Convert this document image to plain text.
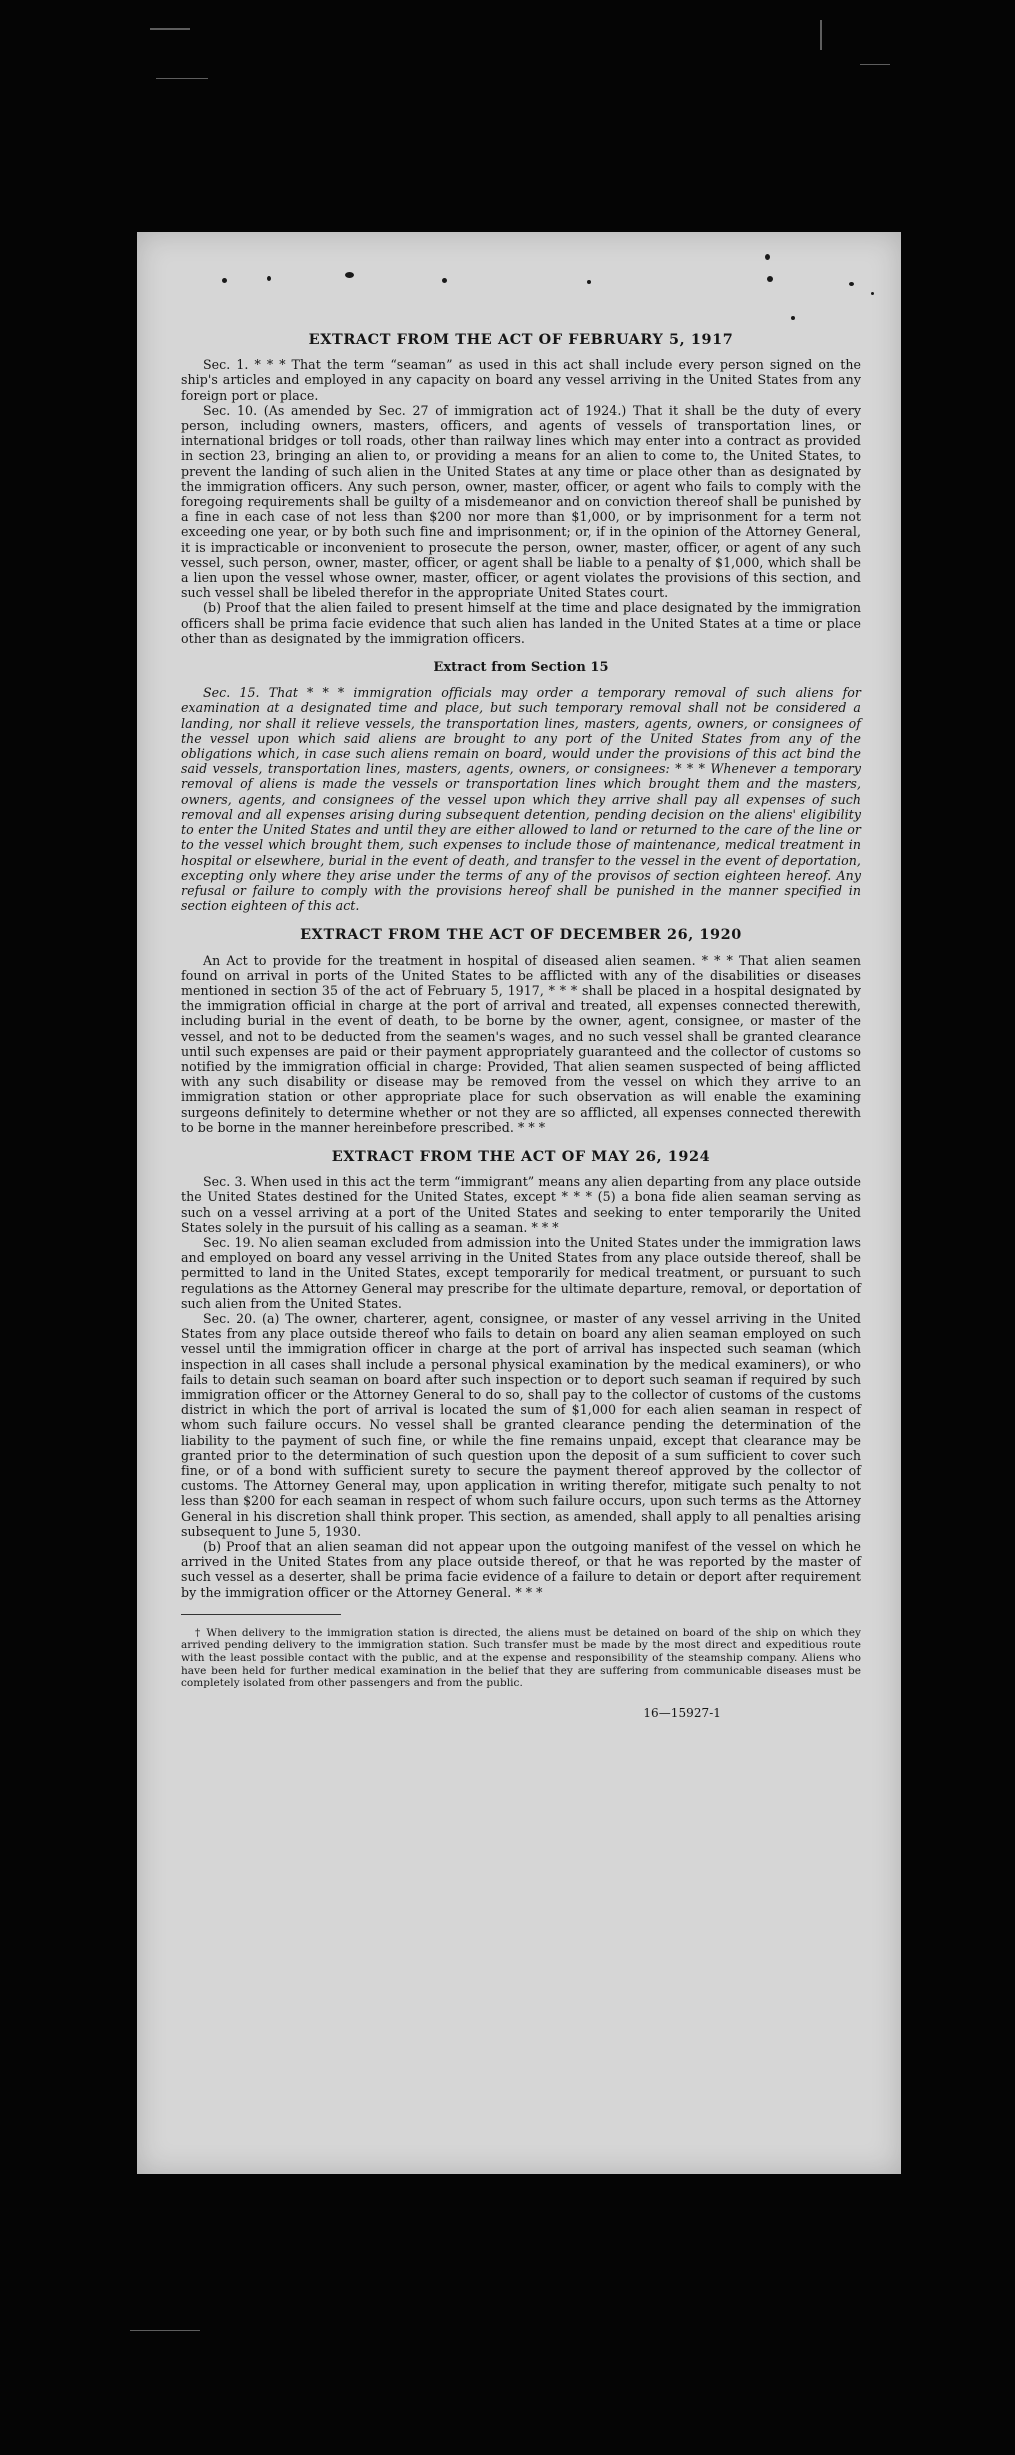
EXTRACT FROM THE ACT OF FEBRUARY 5, 1917

Sec. 1. * * * That the term “seaman” as used in this act shall include every person signed on the ship's articles and employed in any capacity on board any vessel arriving in the United States from any foreign port or place.

Sec. 10. (As amended by Sec. 27 of immigration act of 1924.) That it shall be the duty of every person, including owners, masters, officers, and agents of vessels of transportation lines, or international bridges or toll roads, other than railway lines which may enter into a contract as provided in section 23, bringing an alien to, or providing a means for an alien to come to, the United States, to prevent the landing of such alien in the United States at any time or place other than as designated by the immigration officers. Any such person, owner, master, officer, or agent who fails to comply with the foregoing requirements shall be guilty of a misdemeanor and on conviction thereof shall be punished by a fine in each case of not less than $200 nor more than $1,000, or by imprisonment for a term not exceeding one year, or by both such fine and imprisonment; or, if in the opinion of the Attorney General, it is impracticable or inconvenient to prosecute the person, owner, master, officer, or agent of any such vessel, such person, owner, master, officer, or agent shall be liable to a penalty of $1,000, which shall be a lien upon the vessel whose owner, master, officer, or agent violates the provisions of this section, and such vessel shall be libeled therefor in the appropriate United States court.

(b) Proof that the alien failed to present himself at the time and place designated by the immigration officers shall be prima facie evidence that such alien has landed in the United States at a time or place other than as designated by the immigration officers.

Extract from Section 15

Sec. 15. That * * * immigration officials may order a temporary removal of such aliens for examination at a designated time and place, but such temporary removal shall not be considered a landing, nor shall it relieve vessels, the transportation lines, masters, agents, owners, or consignees of the vessel upon which said aliens are brought to any port of the United States from any of the obligations which, in case such aliens remain on board, would under the provisions of this act bind the said vessels, transportation lines, masters, agents, owners, or consignees: * * * Whenever a temporary removal of aliens is made the vessels or transportation lines which brought them and the masters, owners, agents, and consignees of the vessel upon which they arrive shall pay all expenses of such removal and all expenses arising during subsequent detention, pending decision on the aliens' eligibility to enter the United States and until they are either allowed to land or returned to the care of the line or to the vessel which brought them, such expenses to include those of maintenance, medical treatment in hospital or elsewhere, burial in the event of death, and transfer to the vessel in the event of deportation, excepting only where they arise under the terms of any of the provisos of section eighteen hereof. Any refusal or failure to comply with the provisions hereof shall be punished in the manner specified in section eighteen of this act.

EXTRACT FROM THE ACT OF DECEMBER 26, 1920

An Act to provide for the treatment in hospital of diseased alien seamen. * * * That alien seamen found on arrival in ports of the United States to be afflicted with any of the disabilities or diseases mentioned in section 35 of the act of February 5, 1917, * * * shall be placed in a hospital designated by the immigration official in charge at the port of arrival and treated, all expenses connected therewith, including burial in the event of death, to be borne by the owner, agent, consignee, or master of the vessel, and not to be deducted from the seamen's wages, and no such vessel shall be granted clearance until such expenses are paid or their payment appropriately guaranteed and the collector of customs so notified by the immigration official in charge: Provided, That alien seamen suspected of being afflicted with any such disability or disease may be removed from the vessel on which they arrive to an immigration station or other appropriate place for such observation as will enable the examining surgeons definitely to determine whether or not they are so afflicted, all expenses connected therewith to be borne in the manner hereinbefore prescribed. * * *

EXTRACT FROM THE ACT OF MAY 26, 1924

Sec. 3. When used in this act the term “immigrant” means any alien departing from any place outside the United States destined for the United States, except * * * (5) a bona fide alien seaman serving as such on a vessel arriving at a port of the United States and seeking to enter temporarily the United States solely in the pursuit of his calling as a seaman. * * *

Sec. 19. No alien seaman excluded from admission into the United States under the immigration laws and employed on board any vessel arriving in the United States from any place outside thereof, shall be permitted to land in the United States, except temporarily for medical treatment, or pursuant to such regulations as the Attorney General may prescribe for the ultimate departure, removal, or deportation of such alien from the United States.

Sec. 20. (a) The owner, charterer, agent, consignee, or master of any vessel arriving in the United States from any place outside thereof who fails to detain on board any alien seaman employed on such vessel until the immigration officer in charge at the port of arrival has inspected such seaman (which inspection in all cases shall include a personal physical examination by the medical examiners), or who fails to detain such seaman on board after such inspection or to deport such seaman if required by such immigration officer or the Attorney General to do so, shall pay to the collector of customs of the customs district in which the port of arrival is located the sum of $1,000 for each alien seaman in respect of whom such failure occurs. No vessel shall be granted clearance pending the determination of the liability to the payment of such fine, or while the fine remains unpaid, except that clearance may be granted prior to the determination of such question upon the deposit of a sum sufficient to cover such fine, or of a bond with sufficient surety to secure the payment thereof approved by the collector of customs. The Attorney General may, upon application in writing therefor, mitigate such penalty to not less than $200 for each seaman in respect of whom such failure occurs, upon such terms as the Attorney General in his discretion shall think proper. This section, as amended, shall apply to all penalties arising subsequent to June 5, 1930.

(b) Proof that an alien seaman did not appear upon the outgoing manifest of the vessel on which he arrived in the United States from any place outside thereof, or that he was reported by the master of such vessel as a deserter, shall be prima facie evidence of a failure to detain or deport after requirement by the immigration officer or the Attorney General. * * *

† When delivery to the immigration station is directed, the aliens must be detained on board of the ship on which they arrived pending delivery to the immigration station. Such transfer must be made by the most direct and expeditious route with the least possible contact with the public, and at the expense and responsibility of the steamship company. Aliens who have been held for further medical examination in the belief that they are suffering from communicable diseases must be completely isolated from other passengers and from the public.

16—15927-1
